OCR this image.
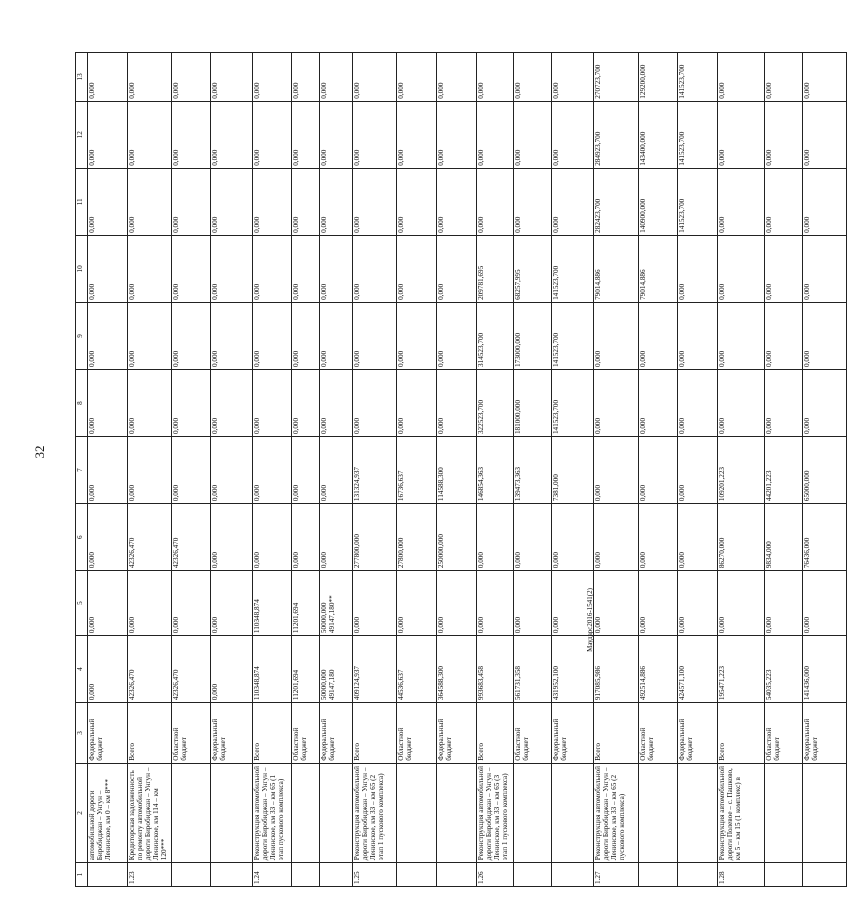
32
1	2	3	4	5	6	7	8	9	10	11	12	13
	автомобильной дороги Биробиджан – Унгун – Ленинское, км 0 – км 8***	Федеральный бюджет	0,000	0,000	0,000	0,000	0,000	0,000	0,000	0,000	0,000	0,000
1.23	Кредиторская задолженность по ремонту автомобильной дороги Биробиджан – Унгун – Ленинское, км 114 – км 120***	Всего	42326,470	0,000	42326,470	0,000	0,000	0,000	0,000	0,000	0,000	0,000
		Областной бюджет	42326,470	0,000	42326,470	0,000	0,000	0,000	0,000	0,000	0,000	0,000
		Федеральный бюджет	0,000	0,000	0,000	0,000	0,000	0,000	0,000	0,000	0,000	0,000
1.24	Реконструкция автомобильной дороги Биробиджан – Унгун – Ленинское, км 33 – км 65 (1 этап пускового комплекса)	Всего	110348,874	110348,874	0,000	0,000	0,000	0,000	0,000	0,000	0,000	0,000
		Областной бюджет	11201,694	11201,694	0,000	0,000	0,000	0,000	0,000	0,000	0,000	0,000
		Федеральный бюджет	50000,000 49147,180	50000,000 49147,180**	0,000	0,000	0,000	0,000	0,000	0,000	0,000	0,000
1.25	Реконструкция автомобильной дороги Биробиджан – Унгун – Ленинское, км 33 – км 65 (2 этап 1 пускового комплекса)	Всего	409124,937	0,000	277800,000	131324,937	0,000	0,000	0,000	0,000	0,000	0,000
		Областной бюджет	44536,637	0,000	27800,000	16736,637	0,000	0,000	0,000	0,000	0,000	0,000
		Федеральный бюджет	364588,300	0,000	250000,000	114588,300	0,000	0,000	0,000	0,000	0,000	0,000
1.26	Реконструкция автомобильной дороги Биробиджан – Унгун – Ленинское, км 33 – км 65 (3 этап 1 пускового комплекса)	Всего	993683,458	0,000	0,000	146854,363	322523,700	314523,700	209781,695	0,000	0,000	0,000
		Областной бюджет	561731,358	0,000	0,000	139473,363	181000,000	173000,000	68257,995	0,000	0,000	0,000
		Федеральный бюджет	431952,100	0,000	0,000	7381,000	141523,700	141523,700	141523,700	0,000	0,000	0,000
1.27	Реконструкция автомобильной дороги Биробиджан – Унгун – Ленинское, км 33 – км 65 (2 пускового комплекса)	Всего	917085,986	0,000	0,000	0,000	0,000	0,000	79014,886	282423,700	284923,700	270723,700
		Областной бюджет	492514,886	0,000	0,000	0,000	0,000	0,000	79014,886	140900,000	143400,000	129200,000
		Федеральный бюджет	424571,100	0,000	0,000	0,000	0,000	0,000	0,000	141523,700	141523,700	141523,700
1.28	Реконструкция автомобильной дороги Полевое – с. Пашково, км 5 – км 15 (1 комплекс) в	Всего	195471,223	0,000	86270,000	109201,223	0,000	0,000	0,000	0,000	0,000	0,000
		Областной бюджет	54035,223	0,000	9834,000	44201,223	0,000	0,000	0,000	0,000	0,000	0,000
		Федеральный бюджет	141436,000	0,000	76436,000	65000,000	0,000	0,000	0,000	0,000	0,000	0,000
Маударс2016-1541(2)
